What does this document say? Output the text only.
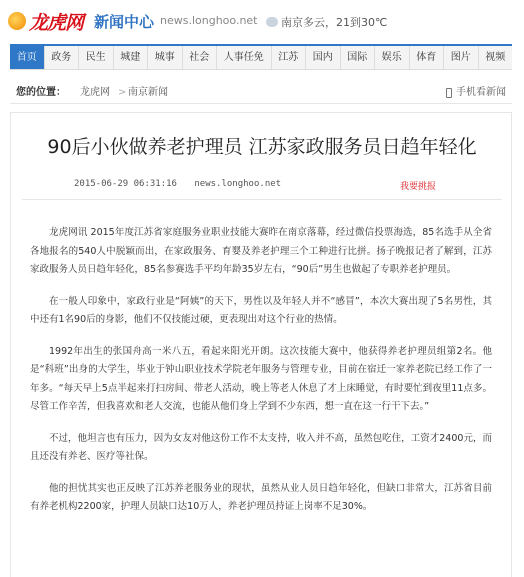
龙虎网 新闻中心 news.longhoo.net 南京多云，21到30℃
首页	政务	民生	城建	城事	社会	人事任免	江苏	国内	国际	娱乐	体育	图片	视频
您的位置： 龙虎网 > 南京新闻	手机看新闻
90后小伙做养老护理员 江苏家政服务员日趋年轻化
2015-06-29 06:31:16 news.longhoo.net	我要挑报

龙虎网讯 2015年度江苏省家庭服务业职业技能大赛昨在南京落幕，经过微信投票海选，85名选手从全省各地报名的540人中脱颖而出，在家政服务、育婴及养老护理三个工种进行比拼。扬子晚报记者了解到，江苏家政服务人员日趋年轻化，85名参赛选手平均年龄35岁左右，“90后”男生也做起了专职养老护理员。

在一般人印象中，家政行业是“阿姨”的天下，男性以及年轻人并不“感冒”，本次大赛出现了5名男性，其中还有1名90后的身影，他们不仅技能过硬，更表现出对这个行业的热情。

1992年出生的张国舟高一米八五，看起来阳光开朗。这次技能大赛中，他获得养老护理员组第2名。他是“科班”出身的大学生，毕业于钟山职业技术学院老年服务与管理专业，目前在宿迁一家养老院已经工作了一年多。“每天早上5点半起来打扫房间、带老人活动，晚上等老人休息了才上床睡觉，有时要忙到夜里11点多。尽管工作辛苦，但我喜欢和老人交流，也能从他们身上学到不少东西，想一直在这一行干下去。”

不过，他坦言也有压力，因为女友对他这份工作不太支持，收入并不高，虽然包吃住，工资才2400元，而且还没有养老、医疗等社保。

他的担忧其实也正反映了江苏养老服务业的现状，虽然从业人员日趋年轻化，但缺口非常大，江苏省目前有养老机构2200家，护理人员缺口达10万人，养老护理员持证上岗率不足30%。
